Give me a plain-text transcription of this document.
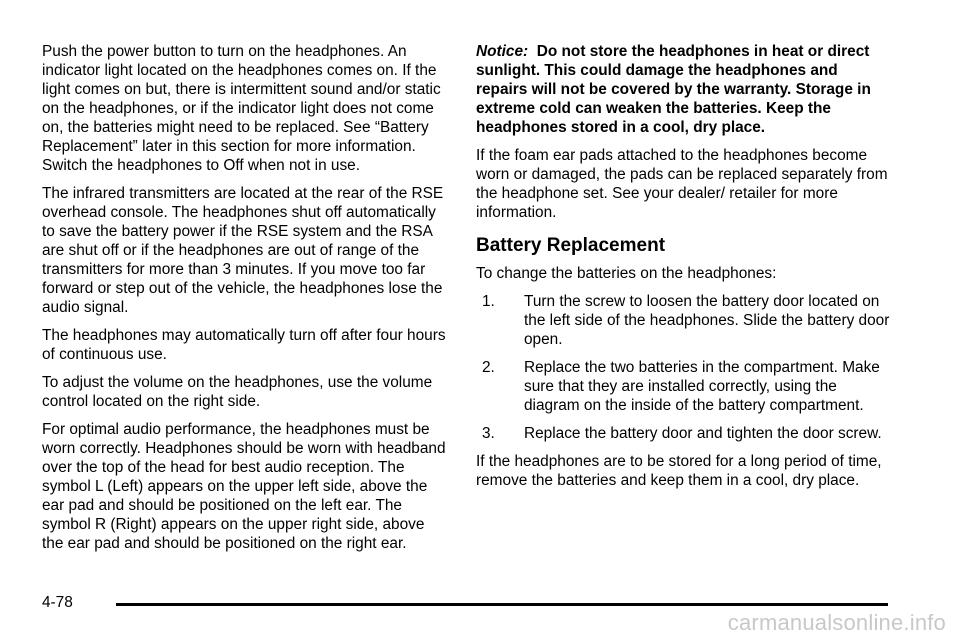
Push the power button to turn on the headphones. An indicator light located on the headphones comes on. If the light comes on but, there is intermittent sound and/or static on the headphones, or if the indicator light does not come on, the batteries might need to be replaced. See “Battery Replacement” later in this section for more information. Switch the headphones to Off when not in use.

The infrared transmitters are located at the rear of the RSE overhead console. The headphones shut off automatically to save the battery power if the RSE system and the RSA are shut off or if the headphones are out of range of the transmitters for more than 3 minutes. If you move too far forward or step out of the vehicle, the headphones lose the audio signal.

The headphones may automatically turn off after four hours of continuous use.

To adjust the volume on the headphones, use the volume control located on the right side.

For optimal audio performance, the headphones must be worn correctly. Headphones should be worn with headband over the top of the head for best audio reception. The symbol L (Left) appears on the upper left side, above the ear pad and should be positioned on the left ear. The symbol R (Right) appears on the upper right side, above the ear pad and should be positioned on the right ear.

Notice: Do not store the headphones in heat or direct sunlight. This could damage the headphones and repairs will not be covered by the warranty. Storage in extreme cold can weaken the batteries. Keep the headphones stored in a cool, dry place.

If the foam ear pads attached to the headphones become worn or damaged, the pads can be replaced separately from the headphone set. See your dealer/ retailer for more information.

Battery Replacement

To change the batteries on the headphones:

1. Turn the screw to loosen the battery door located on the left side of the headphones. Slide the battery door open.
2. Replace the two batteries in the compartment. Make sure that they are installed correctly, using the diagram on the inside of the battery compartment.
3. Replace the battery door and tighten the door screw.

If the headphones are to be stored for a long period of time, remove the batteries and keep them in a cool, dry place.

4-78
carmanualsonline.info
